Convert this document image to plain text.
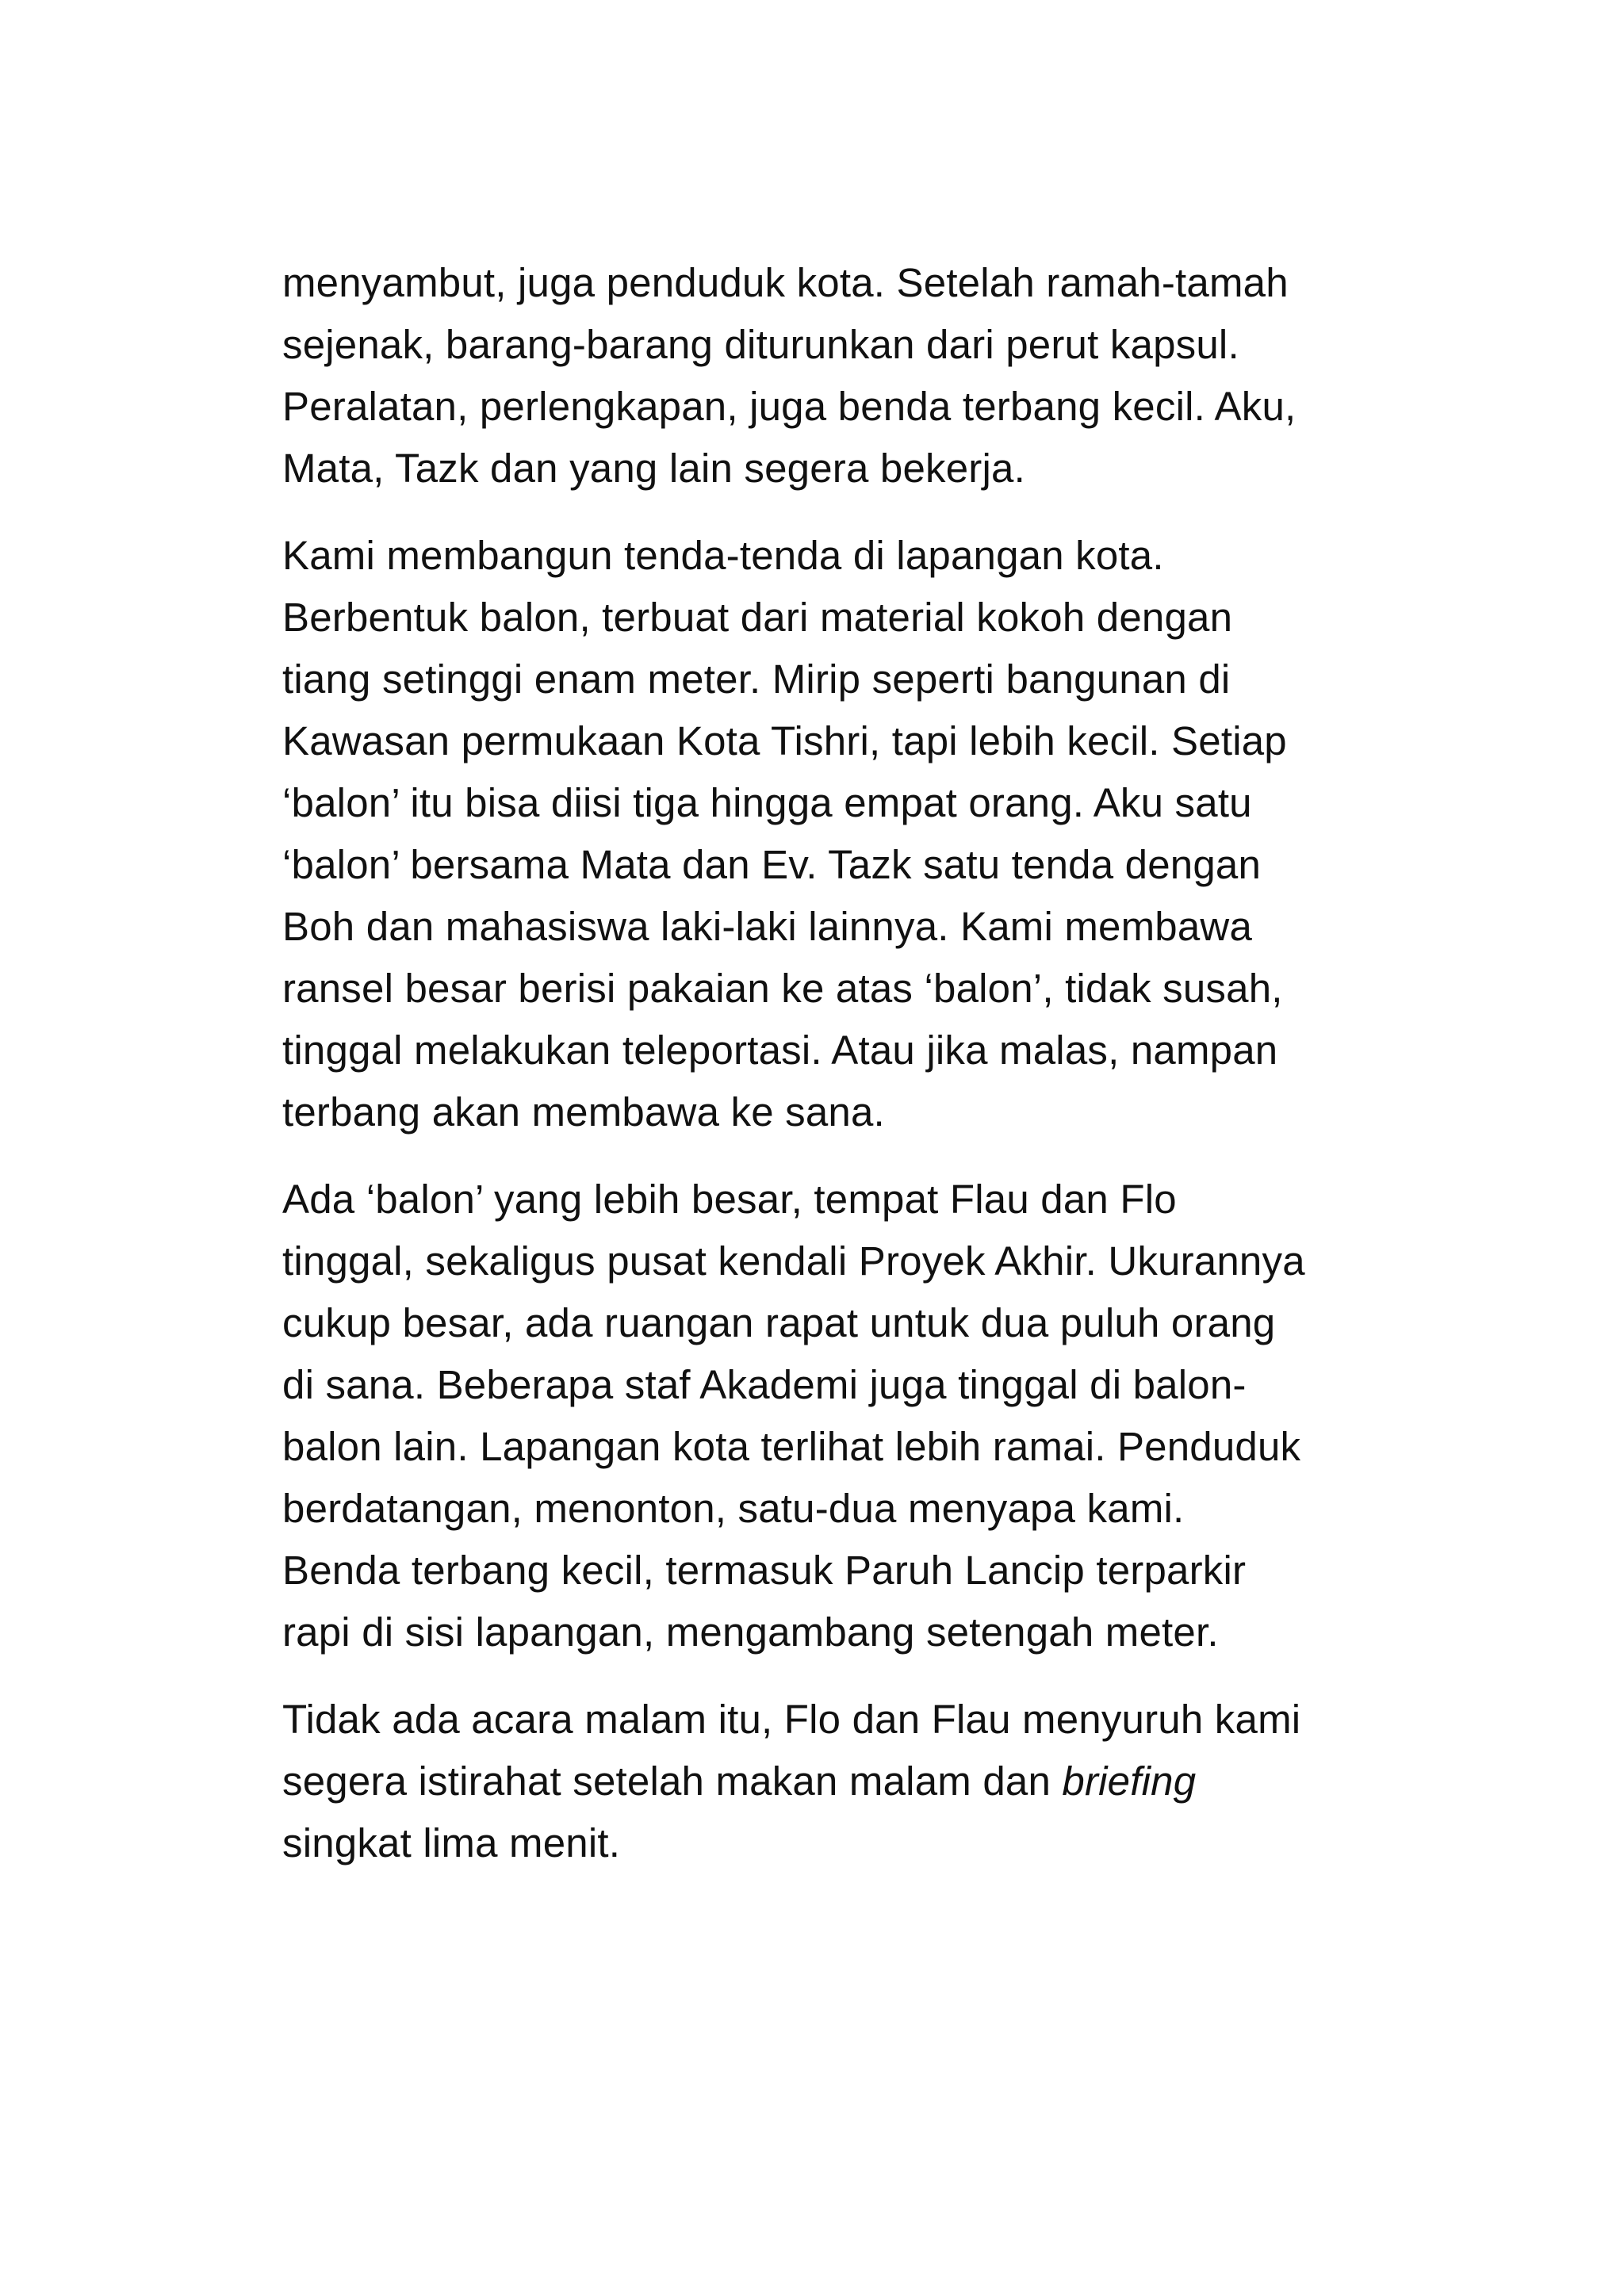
menyambut, juga penduduk kota. Setelah ramah-tamah
sejenak, barang-barang diturunkan dari perut kapsul.
Peralatan, perlengkapan, juga benda terbang kecil. Aku,
Mata, Tazk dan yang lain segera bekerja.

Kami membangun tenda-tenda di lapangan kota.
Berbentuk balon, terbuat dari material kokoh dengan
tiang setinggi enam meter. Mirip seperti bangunan di
Kawasan permukaan Kota Tishri, tapi lebih kecil. Setiap
‘balon’ itu bisa diisi tiga hingga empat orang. Aku satu
‘balon’ bersama Mata dan Ev. Tazk satu tenda dengan
Boh dan mahasiswa laki-laki lainnya. Kami membawa
ransel besar berisi pakaian ke atas ‘balon’, tidak susah,
tinggal melakukan teleportasi. Atau jika malas, nampan
terbang akan membawa ke sana.

Ada ‘balon’ yang lebih besar, tempat Flau dan Flo
tinggal, sekaligus pusat kendali Proyek Akhir. Ukurannya
cukup besar, ada ruangan rapat untuk dua puluh orang
di sana. Beberapa staf Akademi juga tinggal di balon-
balon lain. Lapangan kota terlihat lebih ramai. Penduduk
berdatangan, menonton, satu-dua menyapa kami.
Benda terbang kecil, termasuk Paruh Lancip terparkir
rapi di sisi lapangan, mengambang setengah meter.

Tidak ada acara malam itu, Flo dan Flau menyuruh kami
segera istirahat setelah makan malam dan briefing
singkat lima menit.
